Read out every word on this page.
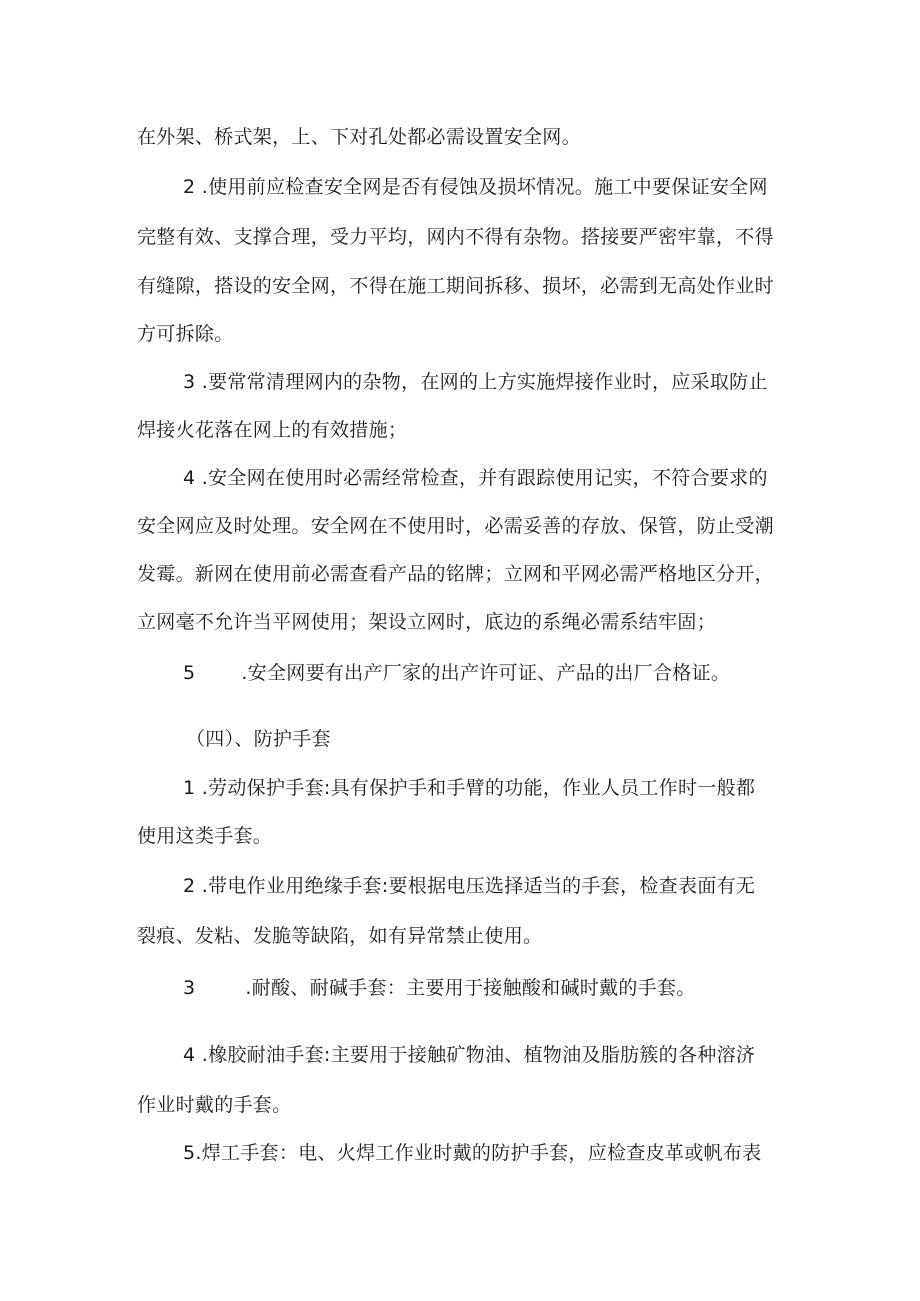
在外架、桥式架，上、下对孔处都必需设置安全网。
2 .使用前应检查安全网是否有侵蚀及损坏情况。施工中要保证安全网
完整有效、支撑合理，受力平均，网内不得有杂物。搭接要严密牢靠，不得
有缝隙，搭设的安全网，不得在施工期间拆移、损坏，必需到无高处作业时
方可拆除。
3 .要常常清理网内的杂物，在网的上方实施焊接作业时，应采取防止
焊接火花落在网上的有效措施；
4 .安全网在使用时必需经常检查，并有跟踪使用记实，不符合要求的
安全网应及时处理。安全网在不使用时，必需妥善的存放、保管，防止受潮
发霉。新网在使用前必需查看产品的铭牌；立网和平网必需严格地区分开，
立网毫不允许当平网使用；架设立网时，底边的系绳必需系结牢固；
5 .安全网要有出产厂家的出产许可证、产品的出厂合格证。
（四）、防护手套
1 .劳动保护手套:具有保护手和手臂的功能，作业人员工作时一般都
使用这类手套。
2 .带电作业用绝缘手套:要根据电压选择适当的手套，检查表面有无
裂痕、发粘、发脆等缺陷，如有异常禁止使用。
3	.耐酸、耐碱手套：主要用于接触酸和碱时戴的手套。
4 .橡胶耐油手套:主要用于接触矿物油、植物油及脂肪簇的各种溶济
作业时戴的手套。
5.焊工手套：电、火焊工作业时戴的防护手套，应检查皮革或帆布表
